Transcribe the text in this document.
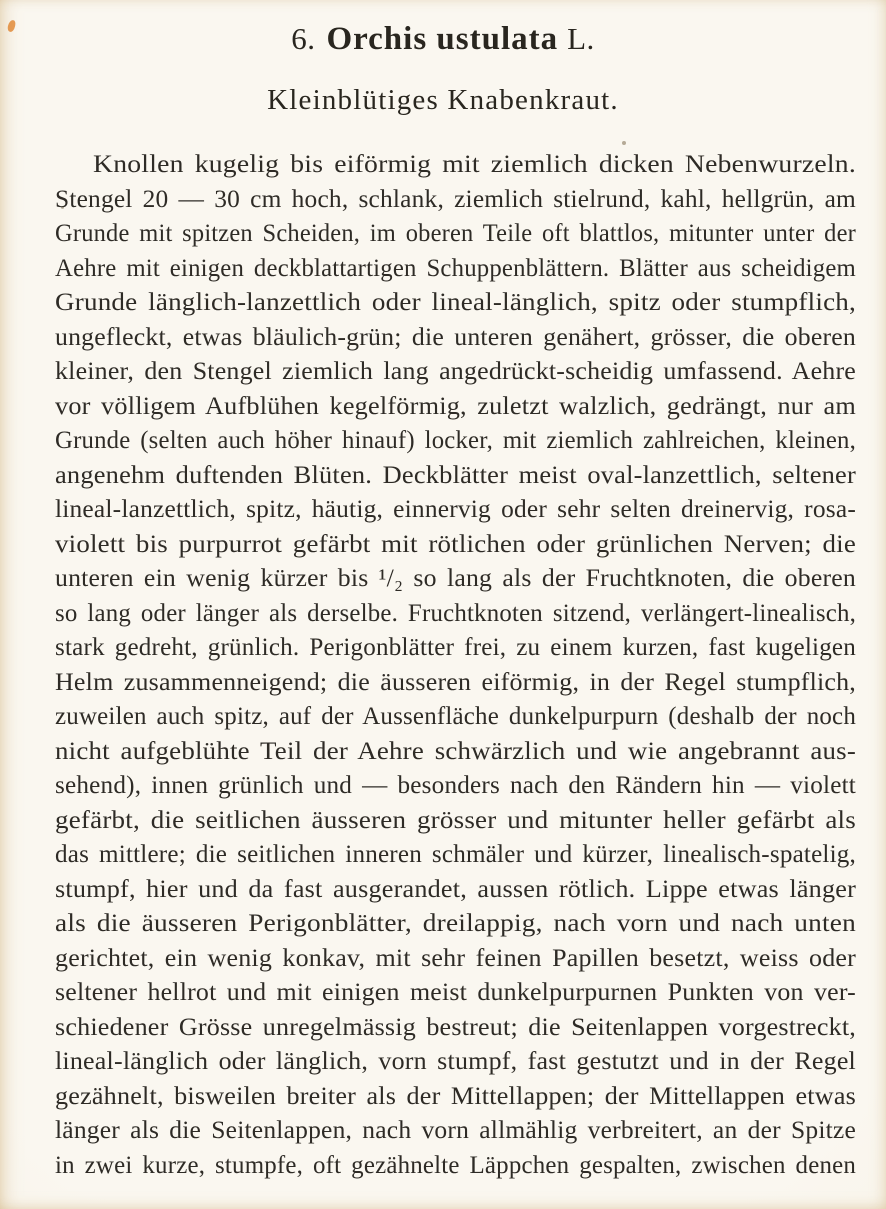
6. Orchis ustulata L.
Kleinblütiges Knabenkraut.
Knollen kugelig bis eiförmig mit ziemlich dicken Nebenwurzeln.
Stengel 20 — 30 cm hoch, schlank, ziemlich stielrund, kahl, hellgrün, am
Grunde mit spitzen Scheiden, im oberen Teile oft blattlos, mitunter unter der
Aehre mit einigen deckblattartigen Schuppenblättern. Blätter aus scheidigem
Grunde länglich-lanzettlich oder lineal-länglich, spitz oder stumpflich,
ungefleckt, etwas bläulich-grün; die unteren genähert, grösser, die oberen
kleiner, den Stengel ziemlich lang angedrückt-scheidig umfassend. Aehre
vor völligem Aufblühen kegelförmig, zuletzt walzlich, gedrängt, nur am
Grunde (selten auch höher hinauf) locker, mit ziemlich zahlreichen, kleinen,
angenehm duftenden Blüten. Deckblätter meist oval-lanzettlich, seltener
lineal-lanzettlich, spitz, häutig, einnervig oder sehr selten dreinervig, rosa-
violett bis purpurrot gefärbt mit rötlichen oder grünlichen Nerven; die
unteren ein wenig kürzer bis ¹/₂ so lang als der Fruchtknoten, die oberen
so lang oder länger als derselbe. Fruchtknoten sitzend, verlängert-linealisch,
stark gedreht, grünlich. Perigonblätter frei, zu einem kurzen, fast kugeligen
Helm zusammenneigend; die äusseren eiförmig, in der Regel stumpflich,
zuweilen auch spitz, auf der Aussenfläche dunkelpurpurn (deshalb der noch
nicht aufgeblühte Teil der Aehre schwärzlich und wie angebrannt aus-
sehend), innen grünlich und — besonders nach den Rändern hin — violett
gefärbt, die seitlichen äusseren grösser und mitunter heller gefärbt als
das mittlere; die seitlichen inneren schmäler und kürzer, linealisch-spatelig,
stumpf, hier und da fast ausgerandet, aussen rötlich. Lippe etwas länger
als die äusseren Perigonblätter, dreilappig, nach vorn und nach unten
gerichtet, ein wenig konkav, mit sehr feinen Papillen besetzt, weiss oder
seltener hellrot und mit einigen meist dunkelpurpurnen Punkten von ver-
schiedener Grösse unregelmässig bestreut; die Seitenlappen vorgestreckt,
lineal-länglich oder länglich, vorn stumpf, fast gestutzt und in der Regel
gezähnelt, bisweilen breiter als der Mittellappen; der Mittellappen etwas
länger als die Seitenlappen, nach vorn allmählig verbreitert, an der Spitze
in zwei kurze, stumpfe, oft gezähnelte Läppchen gespalten, zwischen denen
